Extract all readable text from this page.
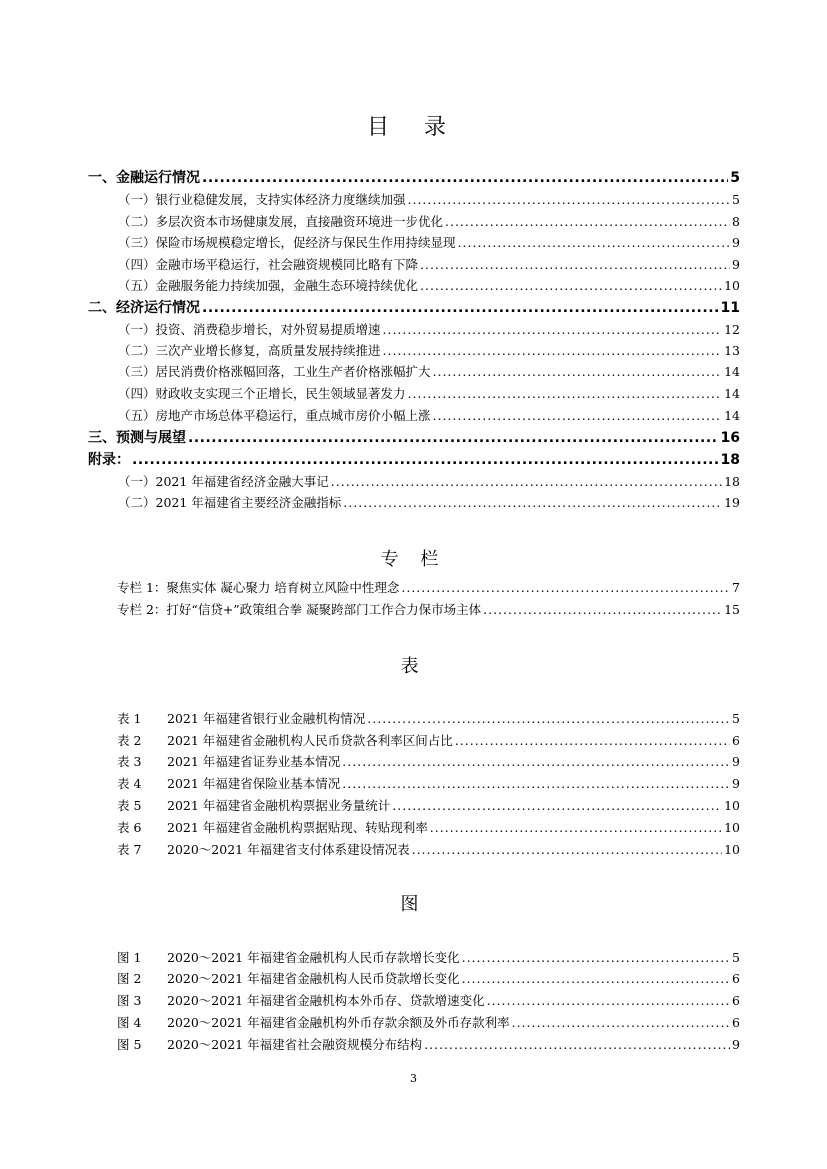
目 录
一、金融运行情况 .....	5
（一）银行业稳健发展，支持实体经济力度继续加强 .....	5
（二）多层次资本市场健康发展，直接融资环境进一步优化 .....	8
（三）保险市场规模稳定增长，促经济与保民生作用持续显现 .....	9
（四）金融市场平稳运行，社会融资规模同比略有下降 .....	9
（五）金融服务能力持续加强，金融生态环境持续优化 .....	10
二、经济运行情况 .....	11
（一）投资、消费稳步增长，对外贸易提质增速 .....	12
（二）三次产业增长修复，高质量发展持续推进 .....	13
（三）居民消费价格涨幅回落，工业生产者价格涨幅扩大 .....	14
（四）财政收支实现三个正增长，民生领域显著发力 .....	14
（五）房地产市场总体平稳运行，重点城市房价小幅上涨 .....	14
三、预测与展望 .....	16
附录： .....	18
（一）2021 年福建省经济金融大事记 .....	18
（二）2021 年福建省主要经济金融指标 .....	19
专 栏
专栏 1：聚焦实体 凝心聚力 培育树立风险中性理念 .....	7
专栏 2：打好“信贷+”政策组合拳 凝聚跨部门工作合力保市场主体 .....	15
表
表 1	2021 年福建省银行业金融机构情况 .....	5
表 2	2021 年福建省金融机构人民币贷款各利率区间占比 .....	6
表 3	2021 年福建省证券业基本情况 .....	9
表 4	2021 年福建省保险业基本情况 .....	9
表 5	2021 年福建省金融机构票据业务量统计 .....	10
表 6	2021 年福建省金融机构票据贴现、转贴现利率 .....	10
表 7	2020～2021 年福建省支付体系建设情况表 .....	10
图
图 1	2020～2021 年福建省金融机构人民币存款增长变化 .....	5
图 2	2020～2021 年福建省金融机构人民币贷款增长变化 .....	6
图 3	2020～2021 年福建省金融机构本外币存、贷款增速变化 .....	6
图 4	2020～2021 年福建省金融机构外币存款余额及外币存款利率 .....	6
图 5	2020～2021 年福建省社会融资规模分布结构 .....	9
3
